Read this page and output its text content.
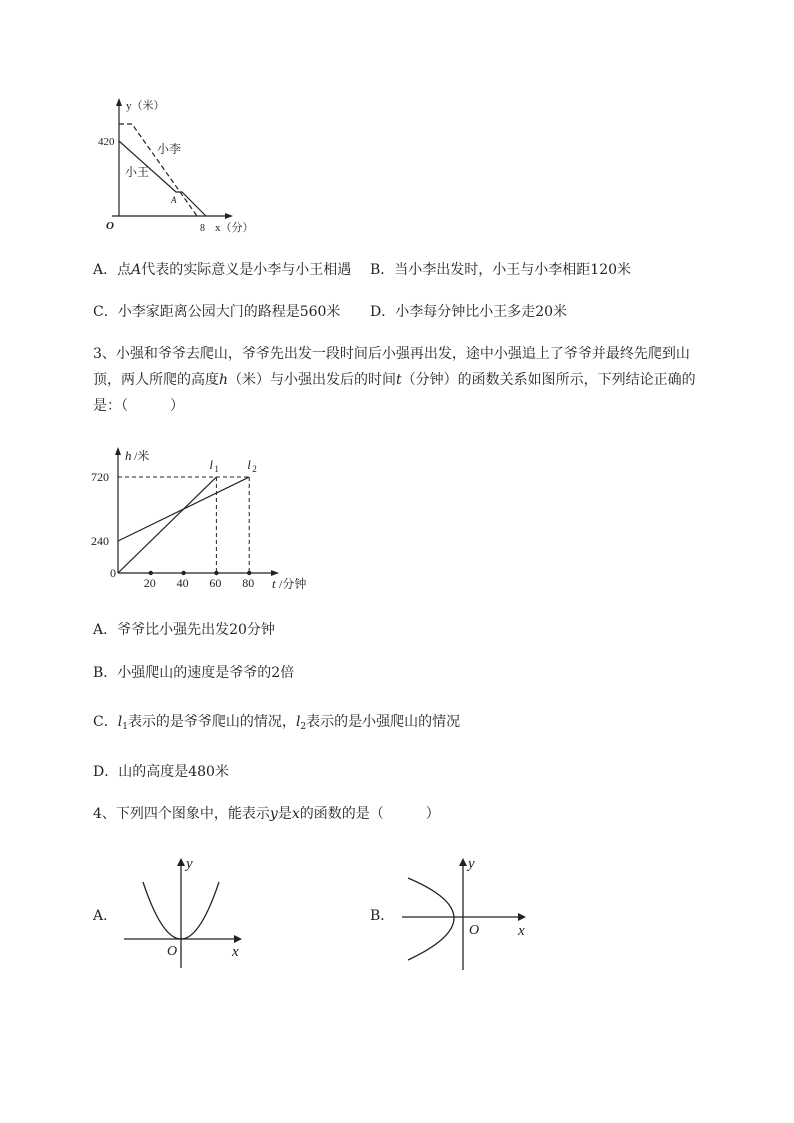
y（米）
420
O	8 x（分）
小李
小王
A
A．点A代表的实际意义是小李与小王相遇 B．当小李出发时，小王与小李相距120米
C．小李家距离公园大门的路程是560米 D．小李每分钟比小王多走20米
3、小强和爷爷去爬山，爷爷先出发一段时间后小强再出发，途中小强追上了爷爷并最终先爬到山
顶，两人所爬的高度h（米）与小强出发后的时间t（分钟）的函数关系如图所示，下列结论正确的
是：（　　　）
h /米
t /分钟
0
20 40 60 80
240
720
l 1 l 2
A．爷爷比小强先出发20分钟
B．小强爬山的速度是爷爷的2倍
C．$l_1$表示的是爷爷爬山的情况，$l_2$表示的是小强爬山的情况
D．山的高度是480米
4、下列四个图象中，能表示y是x的函数的是（　　　）
A．	B．
y
x
O
y
x
O
